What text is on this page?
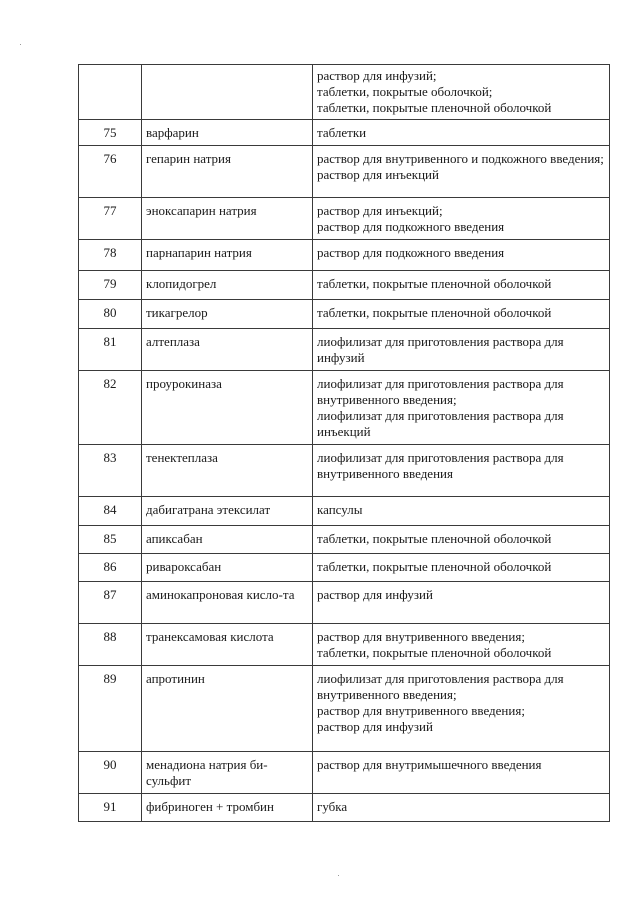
		раствор для инфузий;
таблетки, покрытые оболочкой;
таблетки, покрытые пленочной оболочкой

75	варфарин	таблетки

76	гепарин натрия	раствор для внутривенного и подкожного введения;
раствор для инъекций

77	эноксапарин натрия	раствор для инъекций;
раствор для подкожного введения

78	парнапарин натрия	раствор для подкожного введения

79	клопидогрел	таблетки, покрытые пленочной оболочкой

80	тикагрелор	таблетки, покрытые пленочной оболочкой

81	алтеплаза	лиофилизат для приготовления раствора для инфузий

82	проурокиназа	лиофилизат для приготовления раствора для внутривенного введения;
лиофилизат для приготовления раствора для инъекций

83	тенектеплаза	лиофилизат для приготовления раствора для внутривенного введения

84	дабигатрана этексилат	капсулы

85	апиксабан	таблетки, покрытые пленочной оболочкой

86	ривароксабан	таблетки, покрытые пленочной оболочкой

87	аминокапроновая кисло-та	раствор для инфузий

88	транексамовая кислота	раствор для внутривенного введения;
таблетки, покрытые пленочной оболочкой

89	апротинин	лиофилизат для приготовления раствора для внутривенного введения;
раствор для внутривенного введения;
раствор для инфузий

90	менадиона натрия би-сульфит	раствор для внутримышечного введения

91	фибриноген + тромбин	губка
